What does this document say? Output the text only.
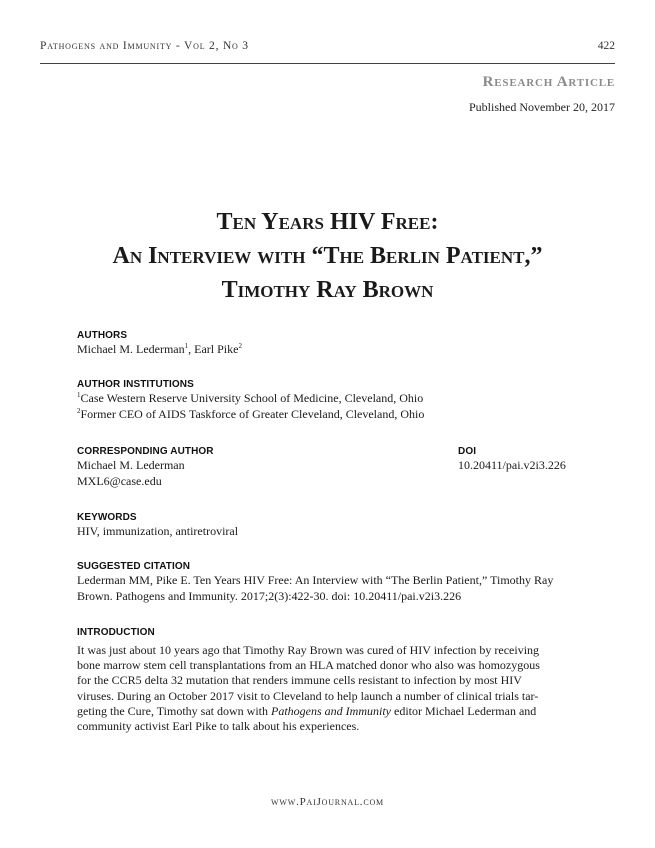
Pathogens and Immunity - Vol 2, No 3	422
Research Article
Published November 20, 2017
Ten Years HIV Free:
An Interview with “The Berlin Patient,”
Timothy Ray Brown
AUTHORS
Michael M. Lederman$^1$, Earl Pike$^2$
AUTHOR INSTITUTIONS
$^1$Case Western Reserve University School of Medicine, Cleveland, Ohio
$^2$Former CEO of AIDS Taskforce of Greater Cleveland, Cleveland, Ohio
CORRESPONDING AUTHOR
Michael M. Lederman
MXL6@case.edu
DOI
10.20411/pai.v2i3.226
KEYWORDS
HIV, immunization, antiretroviral
SUGGESTED CITATION
Lederman MM, Pike E. Ten Years HIV Free: An Interview with “The Berlin Patient,” Timothy Ray
Brown. Pathogens and Immunity. 2017;2(3):422-30. doi: 10.20411/pai.v2i3.226
INTRODUCTION
It was just about 10 years ago that Timothy Ray Brown was cured of HIV infection by receiving
bone marrow stem cell transplantations from an HLA matched donor who also was homozygous
for the CCR5 delta 32 mutation that renders immune cells resistant to infection by most HIV
viruses. During an October 2017 visit to Cleveland to help launch a number of clinical trials tar-
geting the Cure, Timothy sat down with Pathogens and Immunity editor Michael Lederman and
community activist Earl Pike to talk about his experiences.
www.PaiJournal.com
